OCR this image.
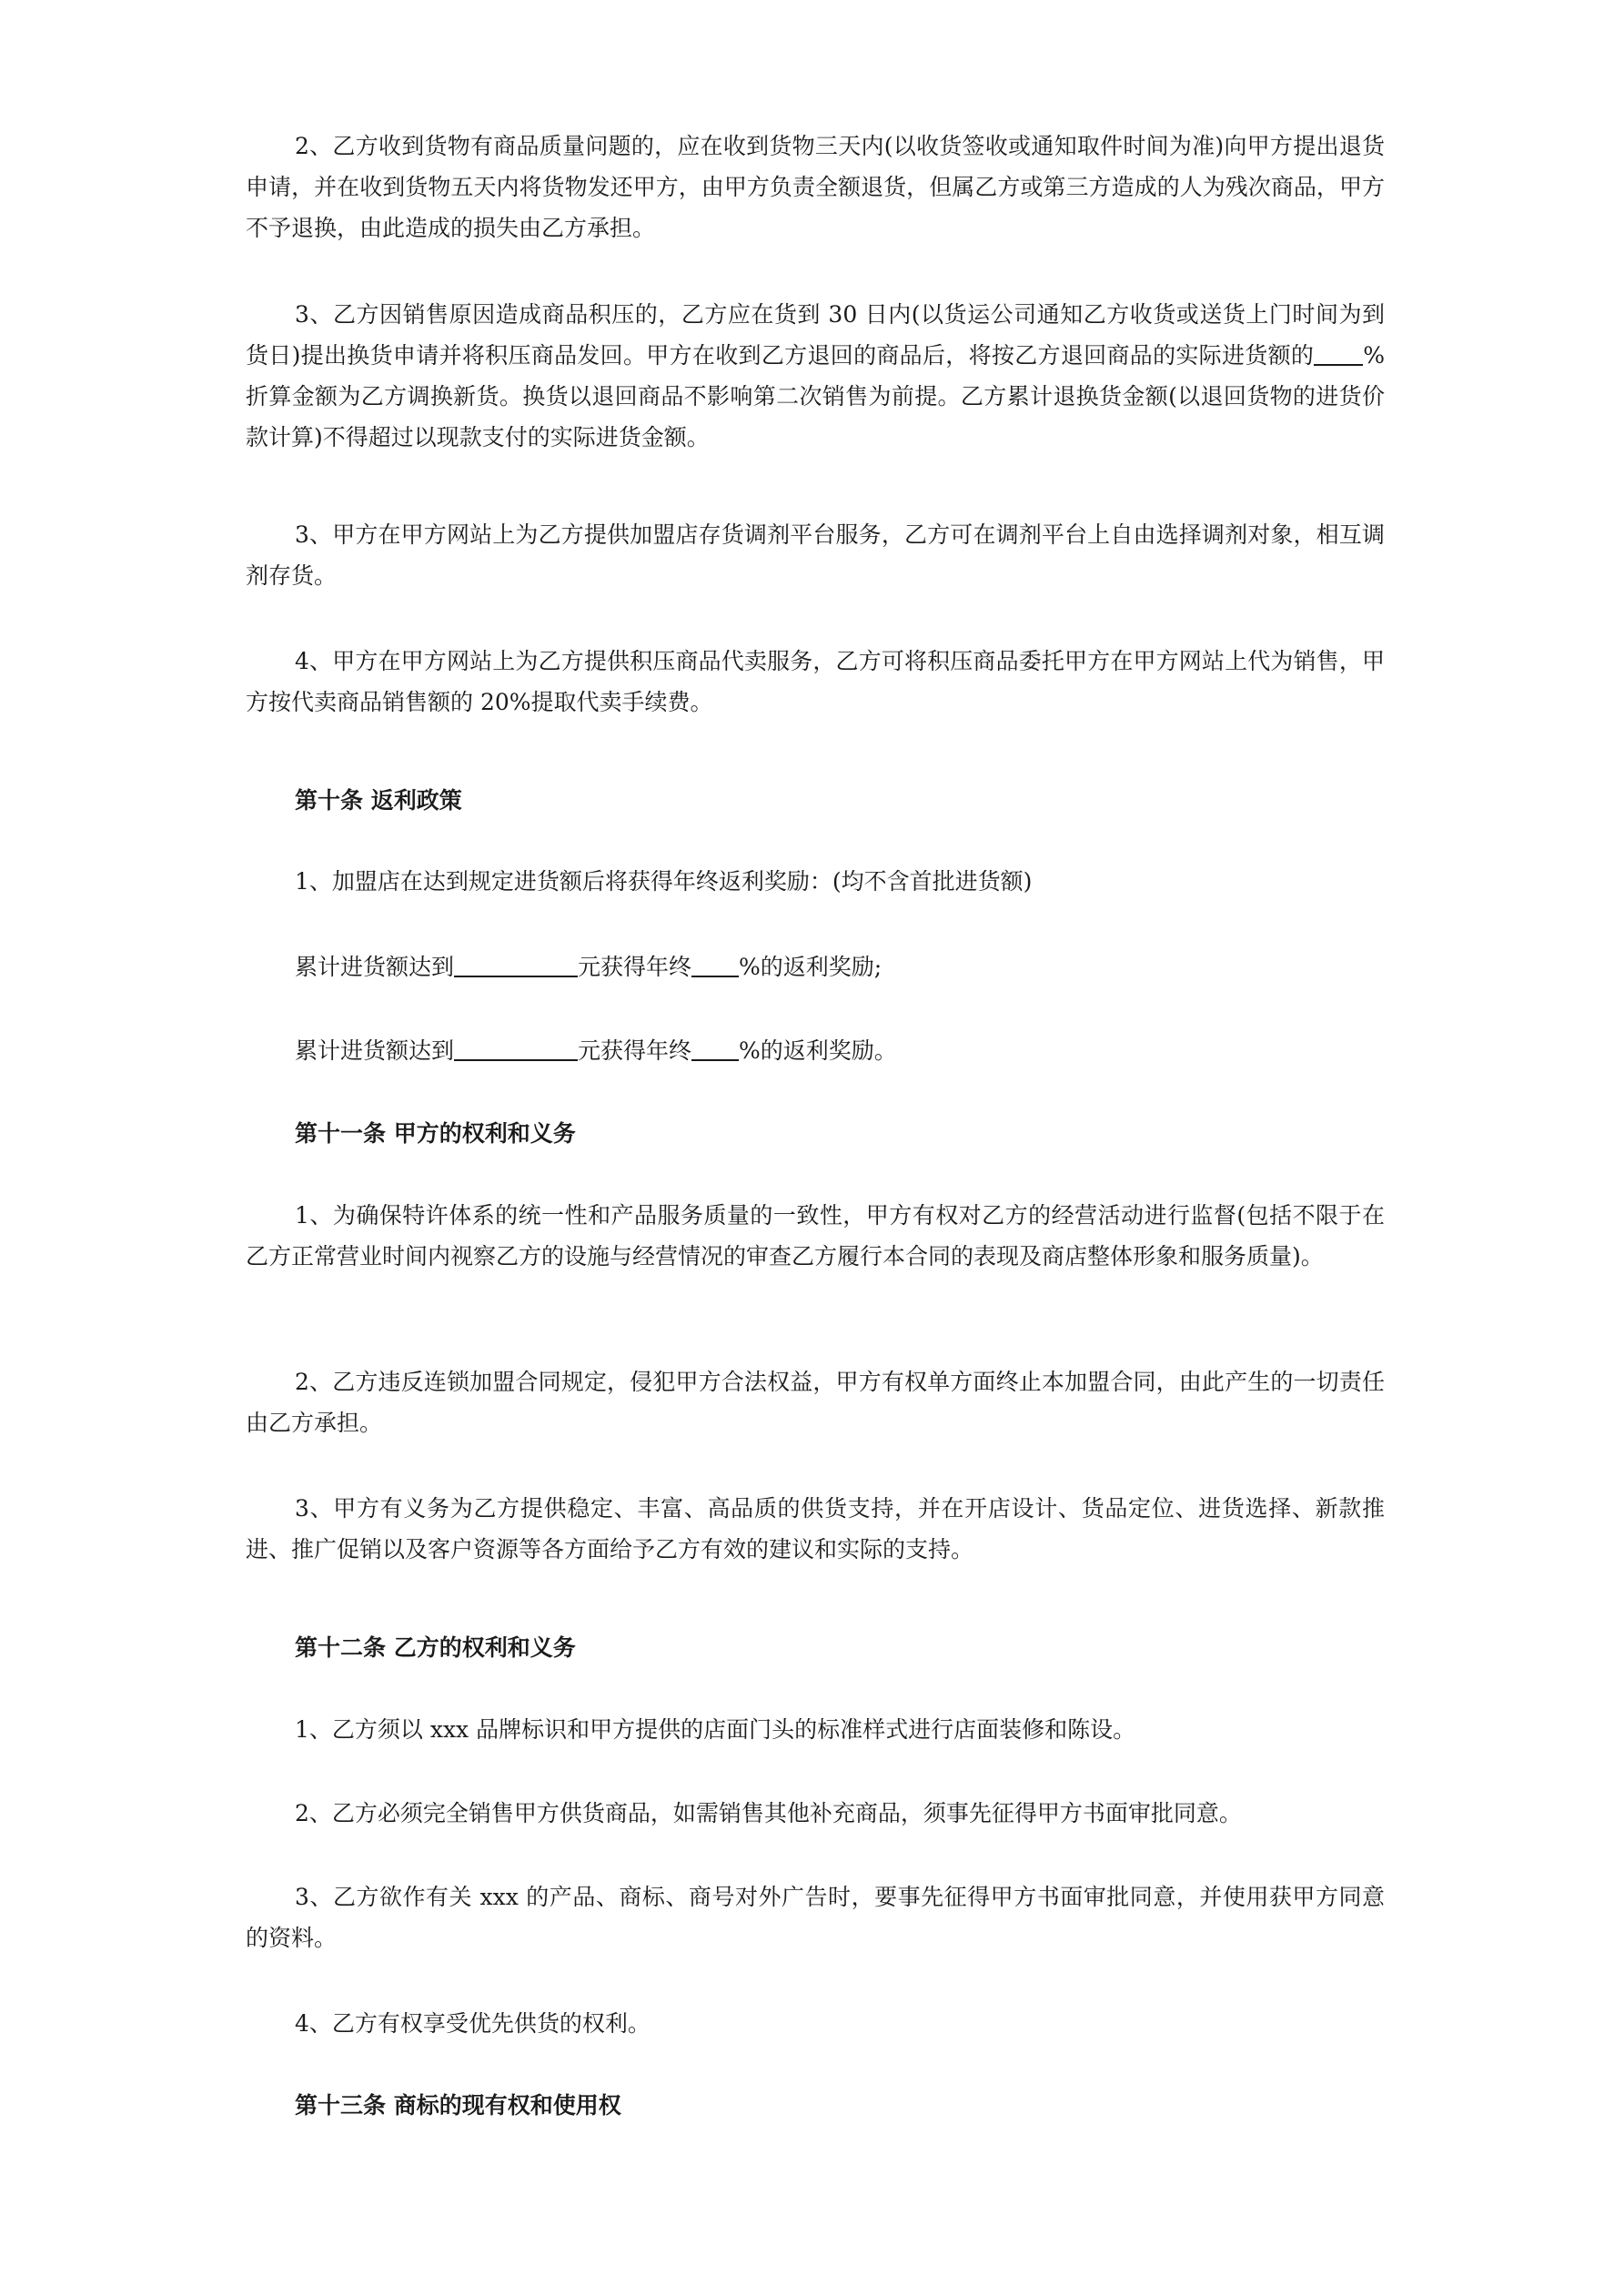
2、乙方收到货物有商品质量问题的，应在收到货物三天内(以收货签收或通知取件时间为准)向甲方提出退货申请，并在收到货物五天内将货物发还甲方，由甲方负责全额退货，但属乙方或第三方造成的人为残次商品，甲方不予退换，由此造成的损失由乙方承担。

3、乙方因销售原因造成商品积压的，乙方应在货到 30 日内(以货运公司通知乙方收货或送货上门时间为到货日)提出换货申请并将积压商品发回。甲方在收到乙方退回的商品后，将按乙方退回商品的实际进货额的 %折算金额为乙方调换新货。换货以退回商品不影响第二次销售为前提。乙方累计退换货金额(以退回货物的进货价款计算)不得超过以现款支付的实际进货金额。

3、甲方在甲方网站上为乙方提供加盟店存货调剂平台服务，乙方可在调剂平台上自由选择调剂对象，相互调剂存货。

4、甲方在甲方网站上为乙方提供积压商品代卖服务，乙方可将积压商品委托甲方在甲方网站上代为销售，甲方按代卖商品销售额的 20%提取代卖手续费。

第十条 返利政策

1、加盟店在达到规定进货额后将获得年终返利奖励：(均不含首批进货额)

累计进货额达到	元获得年终 %的返利奖励;

累计进货额达到	元获得年终 %的返利奖励。

第十一条 甲方的权利和义务

1、为确保特许体系的统一性和产品服务质量的一致性，甲方有权对乙方的经营活动进行监督(包括不限于在乙方正常营业时间内视察乙方的设施与经营情况的审查乙方履行本合同的表现及商店整体形象和服务质量)。

2、乙方违反连锁加盟合同规定，侵犯甲方合法权益，甲方有权单方面终止本加盟合同，由此产生的一切责任由乙方承担。

3、甲方有义务为乙方提供稳定、丰富、高品质的供货支持，并在开店设计、货品定位、进货选择、新款推进、推广促销以及客户资源等各方面给予乙方有效的建议和实际的支持。

第十二条 乙方的权利和义务

1、乙方须以 xxx 品牌标识和甲方提供的店面门头的标准样式进行店面装修和陈设。

2、乙方必须完全销售甲方供货商品，如需销售其他补充商品，须事先征得甲方书面审批同意。

3、乙方欲作有关 xxx 的产品、商标、商号对外广告时，要事先征得甲方书面审批同意，并使用获甲方同意的资料。

4、乙方有权享受优先供货的权利。

第十三条 商标的现有权和使用权
